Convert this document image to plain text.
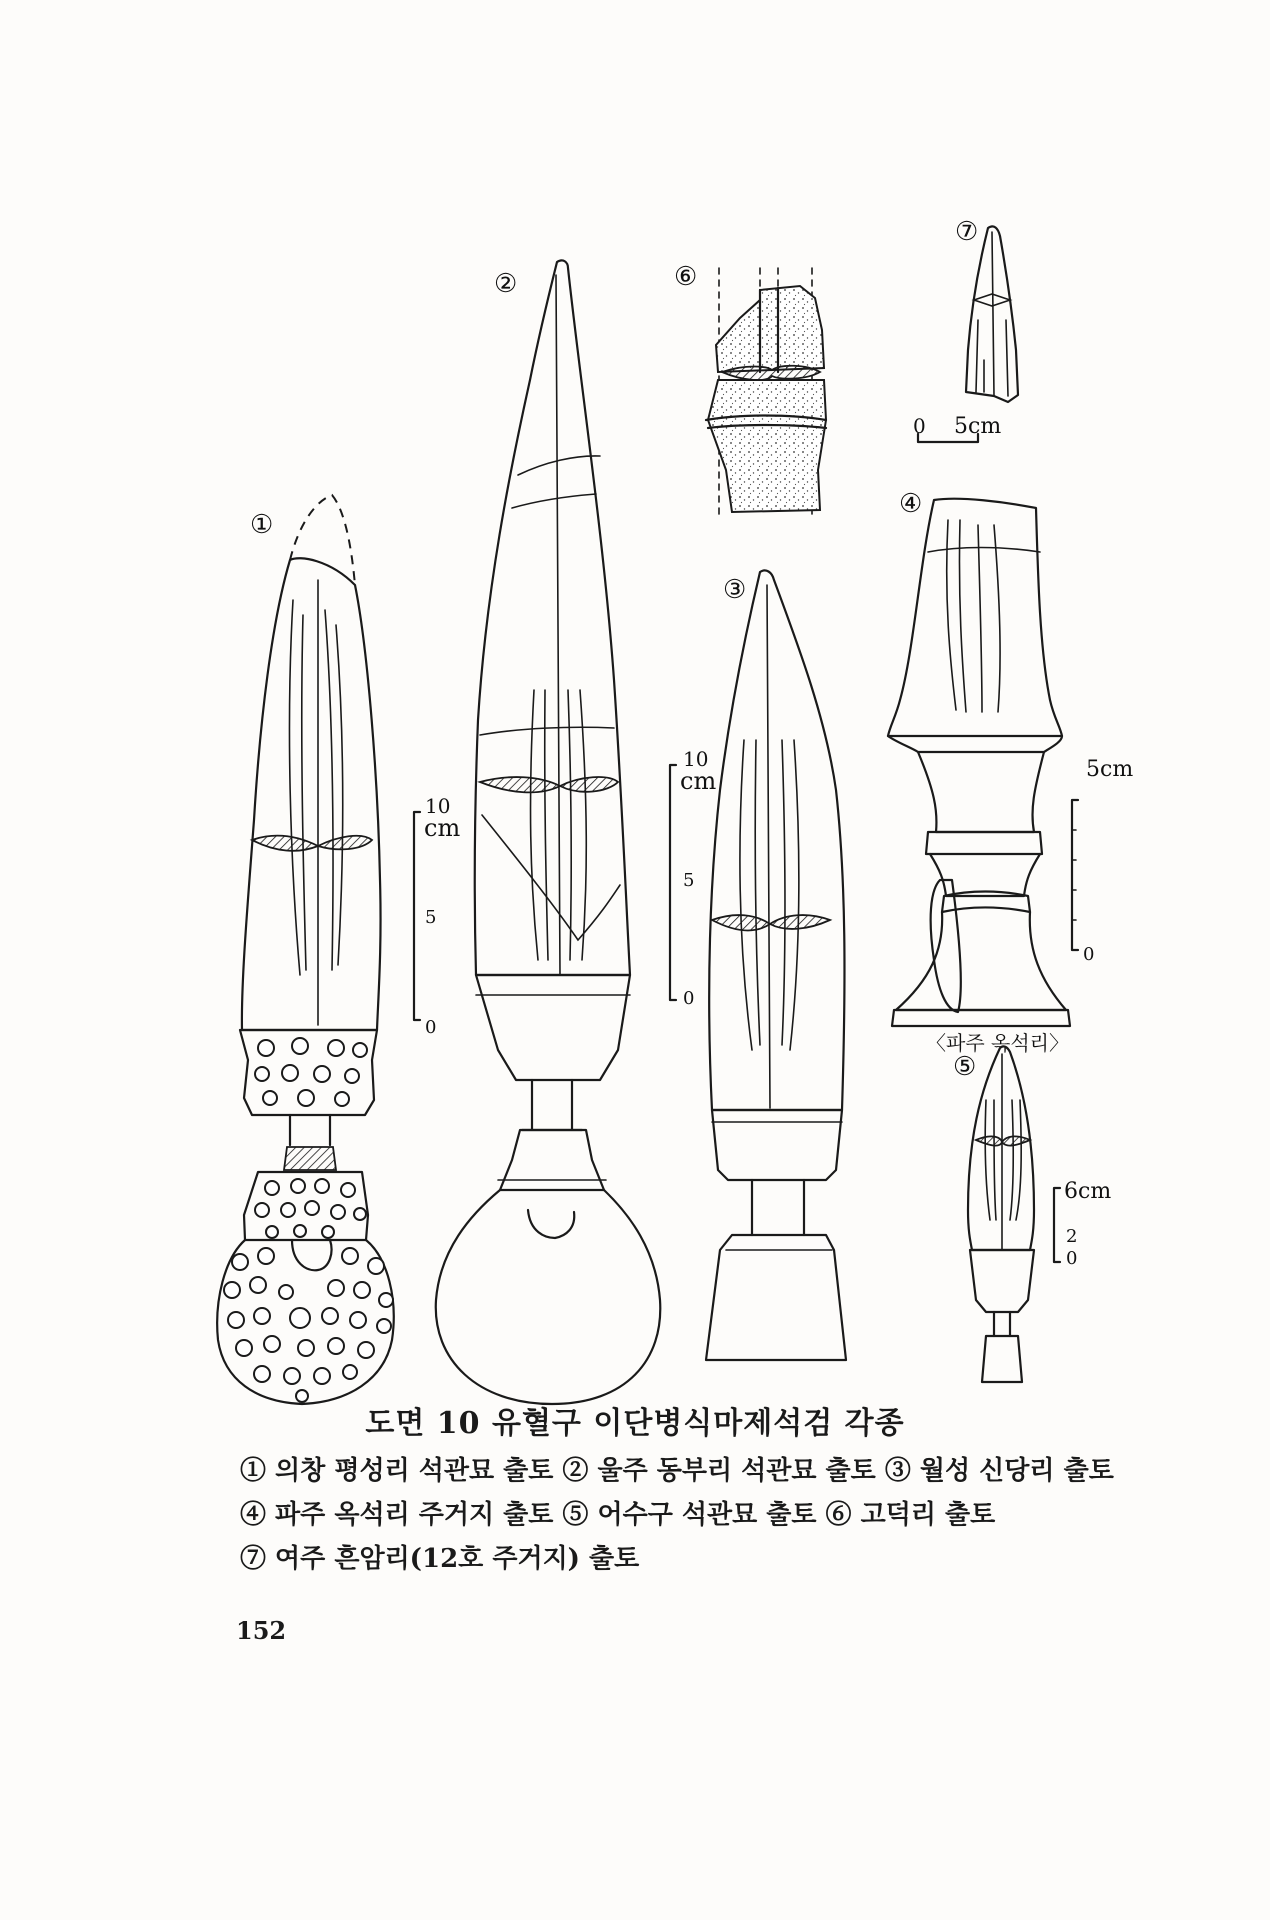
①
10
cm
5
0
②	⑥
③
10
cm
5
0
⑦
0 5cm
④
5cm
0
〈파주 옥석리〉
⑤
6cm
2
0
도면 10 유혈구 이단병식마제석검 각종
① 의창 평성리 석관묘 출토 ② 울주 동부리 석관묘 출토 ③ 월성 신당리 출토
④ 파주 옥석리 주거지 출토 ⑤ 어수구 석관묘 출토 ⑥ 고덕리 출토
⑦ 여주 흔암리(12호 주거지) 출토
152
